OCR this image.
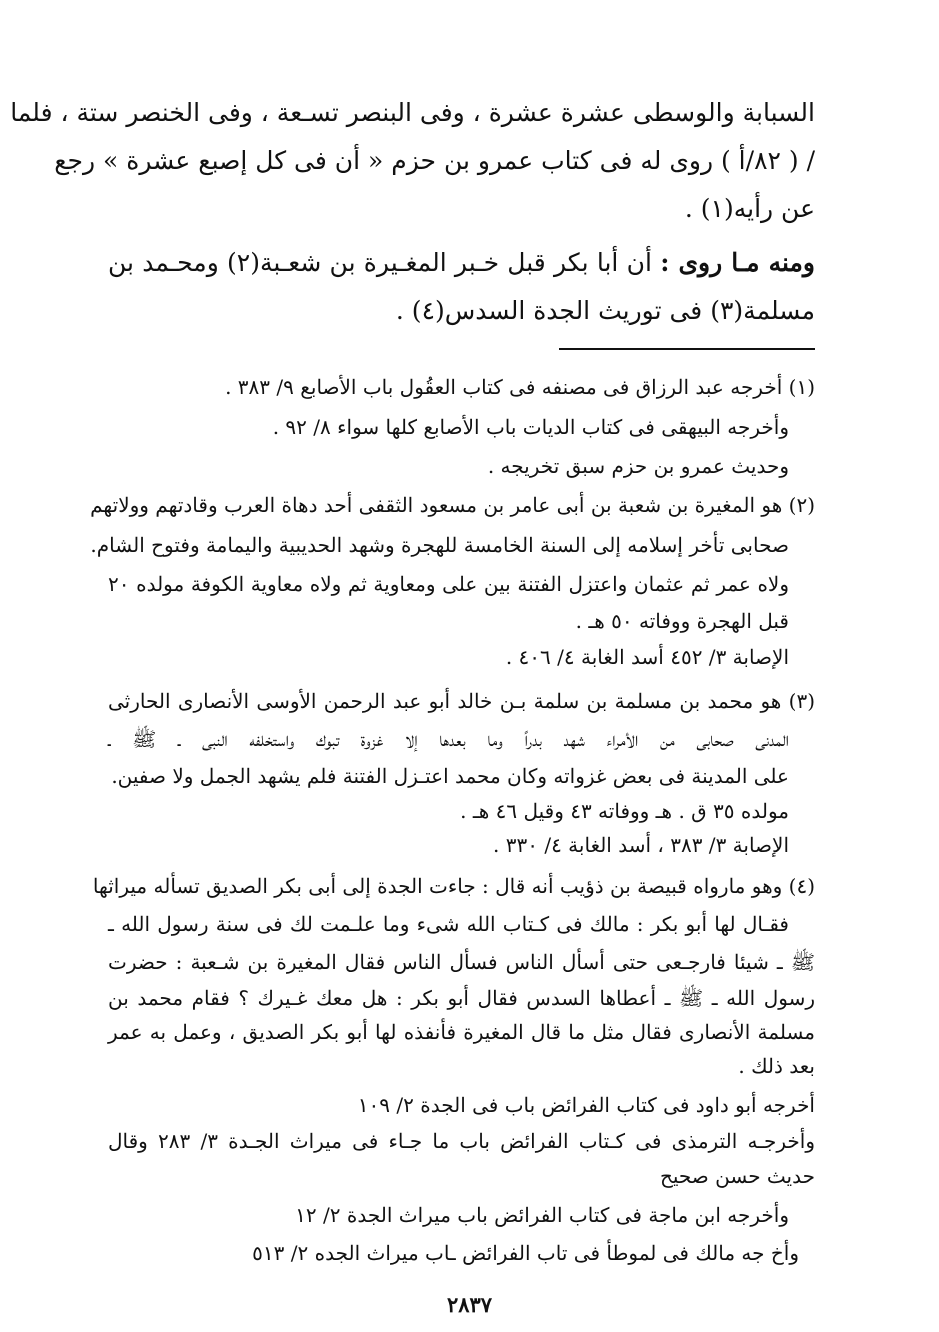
السبابة والوسطى عشرة عشرة ، وفى البنصر تسـعة ، وفى الخنصر ستة ، فلما
/ ( ٨٢/أ ) روى له فى كتاب عمرو بن حزم « أن فى كل إصبع عشرة » رجع
عن رأيه(١) .
ومنه مـا روى : أن أبا بكر قبل خـبر المغـيرة بن شعـبة(٢) ومحـمد بن
مسلمة(٣) فى توريث الجدة السدس(٤) .
(١) أخرجه عبد الرزاق فى مصنفه فى كتاب العقُول باب الأصابع ٩/ ٣٨٣ .
وأخرجه البيهقى فى كتاب الديات باب الأصابع كلها سواء ٨/ ٩٢ .
وحديث عمرو بن حزم سبق تخريجه .
(٢) هو المغيرة بن شعبة بن أبى عامر بن مسعود الثقفى أحد دهاة العرب وقادتهم وولاتهم
صحابى تأخر إسلامه إلى السنة الخامسة للهجرة وشهد الحديبية واليمامة وفتوح الشام.
ولاه عمر ثم عثمان واعتزل الفتنة بين على ومعاوية ثم ولاه معاوية الكوفة مولده ٢٠
قبل الهجرة ووفاته ٥٠ هـ .
الإصابة ٣/ ٤٥٢ أسد الغابة ٤/ ٤٠٦ .
(٣) هو محمد بن مسلمة بن سلمة بـن خالد أبو عبد الرحمن الأوسى الأنصارى الحارثى
المدنى صحابى من الأمراء شهد بدراً وما بعدها إلا غزوة تبوك واستخلفه النبى ـ ﷺ ـ
على المدينة فى بعض غزواته وكان محمد اعتـزل الفتنة فلم يشهد الجمل ولا صفين.
مولده ٣٥ ق . هـ ووفاته ٤٣ وقيل ٤٦ هـ .
الإصابة ٣/ ٣٨٣ ، أسد الغابة ٤/ ٣٣٠ .
(٤) وهو مارواه قبيصة بن ذؤيب أنه قال : جاءت الجدة إلى أبى بكر الصديق تسأله ميراثها
فقـال لها أبو بكر : مالك فى كـتاب الله شىء وما علـمت لك فى سنة رسول الله ـ
ﷺ ـ شيئا فارجـعى حتى أسأل الناس فسأل الناس فقال المغيرة بن شـعبة : حضرت
رسول الله ـ ﷺ ـ أعطاها السدس فقال أبو بكر : هل معك غـيرك ؟ فقام محمد بن
مسلمة الأنصارى فقال مثل ما قال المغيرة فأنفذه لها أبو بكر الصديق ، وعمل به عمر
بعد ذلك .
أخرجه أبو داود فى كتاب الفرائض باب فى الجدة ٢/ ١٠٩
وأخرجـه الترمذى فى كـتاب الفرائض باب ما جـاء فى ميراث الجـدة ٣/ ٢٨٣ وقال
حديث حسن صحيح
وأخرجه ابن ماجة فى كتاب الفرائض باب ميراث الجدة ٢/ ١٢
وأخ جه مالك فى لموطأ فى تاب الفرائض ـاب ميراث الجده ٢/ ٥١٣
٢٨٣٧
